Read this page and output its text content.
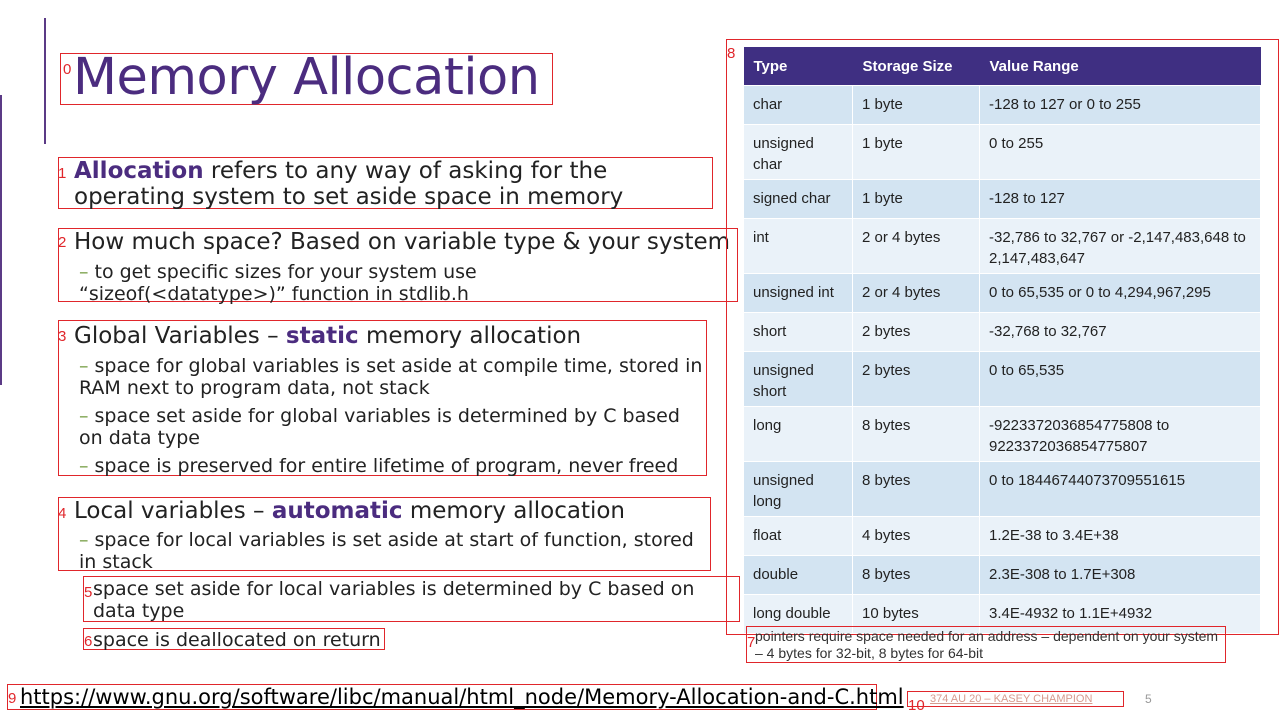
0 Memory Allocation
1 Allocation refers to any way of asking for the operating system to set aside space in memory
2 How much space? Based on variable type & your system
– to get specific sizes for your system use “sizeof(<datatype>)” function in stdlib.h
3 Global Variables – static memory allocation
– space for global variables is set aside at compile time, stored in RAM next to program data, not stack
– space set aside for global variables is determined by C based on data type
– space is preserved for entire lifetime of program, never freed
4 Local variables – automatic memory allocation
– space for local variables is set aside at start of function, stored in stack
5 space set aside for local variables is determined by C based on data type
6 space is deallocated on return
8
Type	Storage Size	Value Range
char	1 byte	-128 to 127 or 0 to 255
unsigned char	1 byte	0 to 255
signed char	1 byte	-128 to 127
int	2 or 4 bytes	-32,786 to 32,767 or -2,147,483,648 to 2,147,483,647
unsigned int	2 or 4 bytes	0 to 65,535 or 0 to 4,294,967,295
short	2 bytes	-32,768 to 32,767
unsigned short	2 bytes	0 to 65,535
long	8 bytes	-9223372036854775808 to 9223372036854775807
unsigned long	8 bytes	0 to 18446744073709551615
float	4 bytes	1.2E-38 to 3.4E+38
double	8 bytes	2.3E-308 to 1.7E+308
long double	10 bytes	3.4E-4932 to 1.1E+4932
7 pointers require space needed for an address – dependent on your system – 4 bytes for 32-bit, 8 bytes for 64-bit
9 https://www.gnu.org/software/libc/manual/html_node/Memory-Allocation-and-C.html 10 374 AU 20 – KASEY CHAMPION	5
